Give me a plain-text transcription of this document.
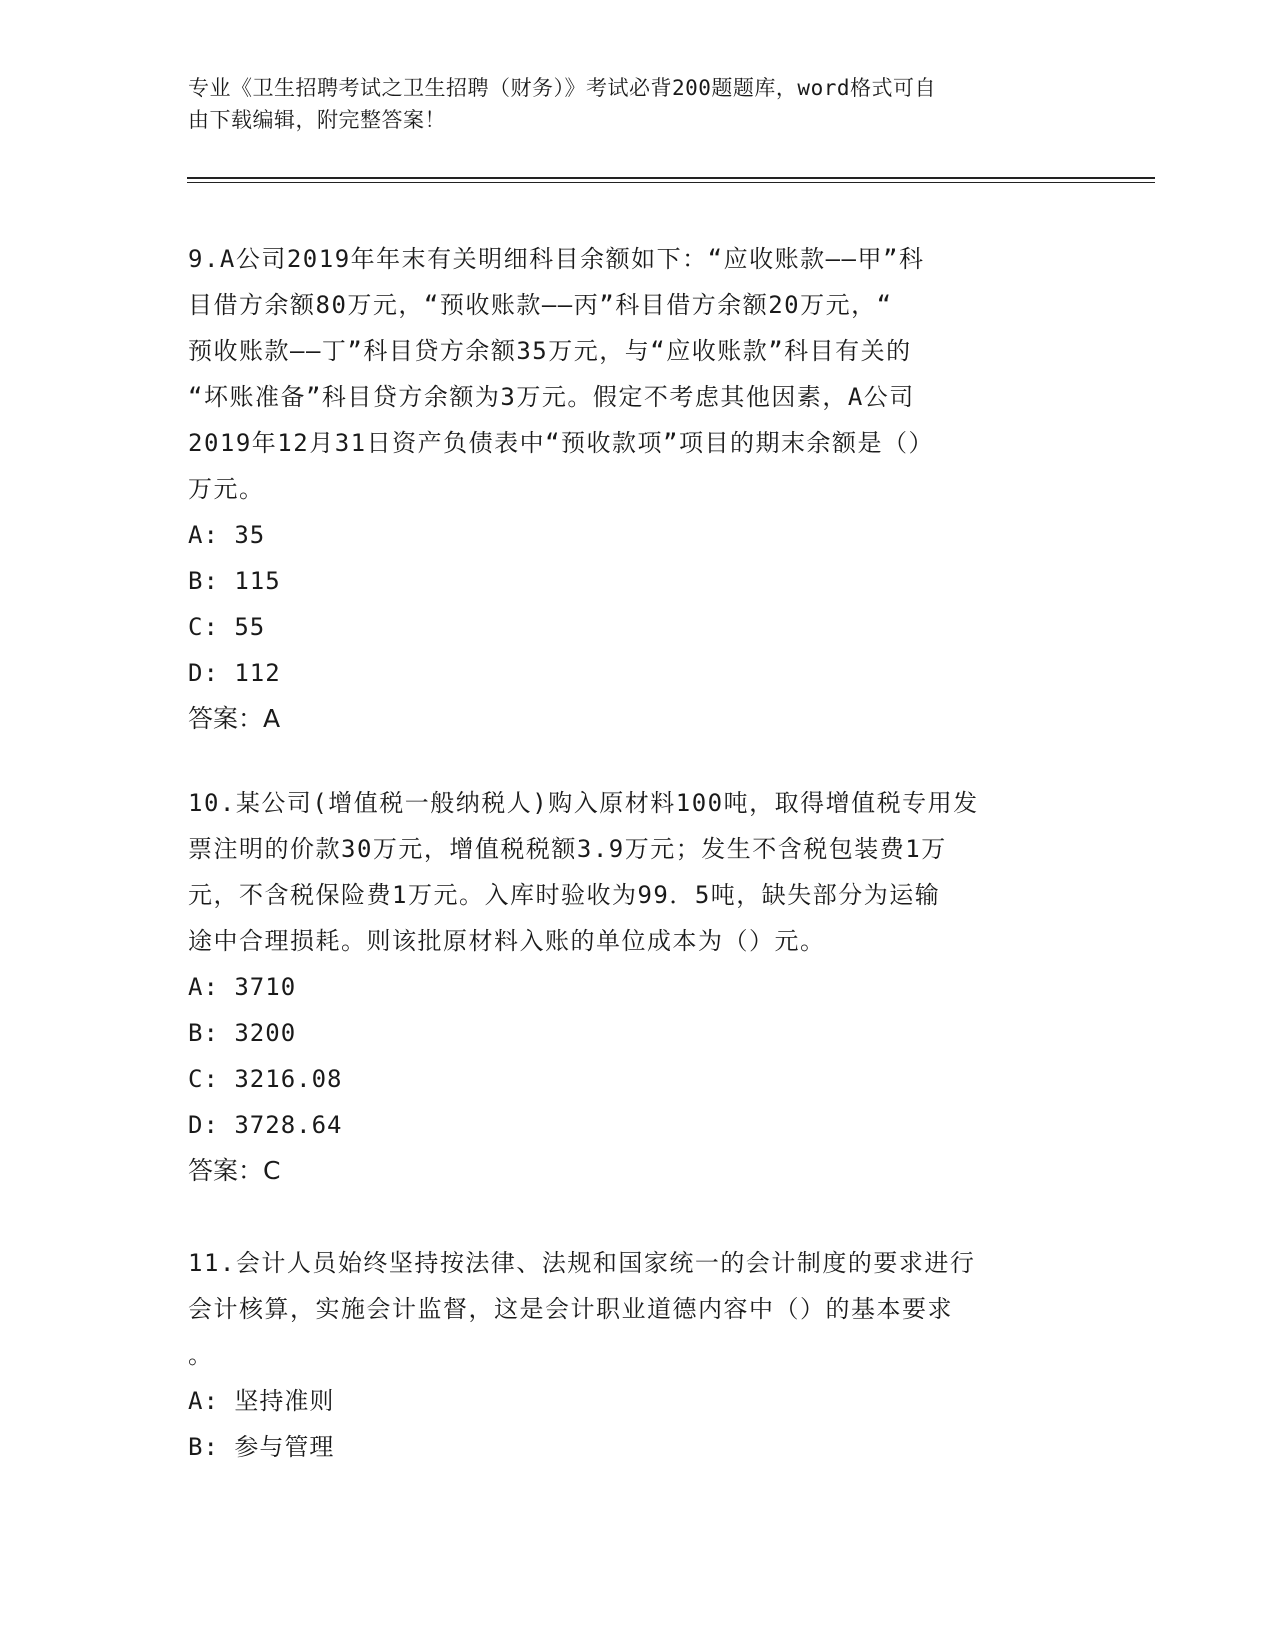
专业《卫生招聘考试之卫生招聘（财务）》考试必背200题题库，word格式可自
由下载编辑，附完整答案！
9.A公司2019年年末有关明细科目余额如下：“应收账款——甲”科
目借方余额80万元，“预收账款——丙”科目借方余额20万元，“
预收账款——丁”科目贷方余额35万元，与“应收账款”科目有关的
“坏账准备”科目贷方余额为3万元。假定不考虑其他因素，A公司
2019年12月31日资产负债表中“预收款项”项目的期末余额是（）
万元。

A: 35

B: 115

C: 55

D: 112

答案：A

10.某公司(增值税一般纳税人)购入原材料100吨，取得增值税专用发
票注明的价款30万元，增值税税额3.9万元；发生不含税包装费1万
元，不含税保险费1万元。入库时验收为99．5吨，缺失部分为运输
途中合理损耗。则该批原材料入账的单位成本为（）元。

A: 3710

B: 3200

C: 3216.08

D: 3728.64

答案：C

11.会计人员始终坚持按法律、法规和国家统一的会计制度的要求进行
会计核算，实施会计监督，这是会计职业道德内容中（）的基本要求
。

A: 坚持准则

B: 参与管理
